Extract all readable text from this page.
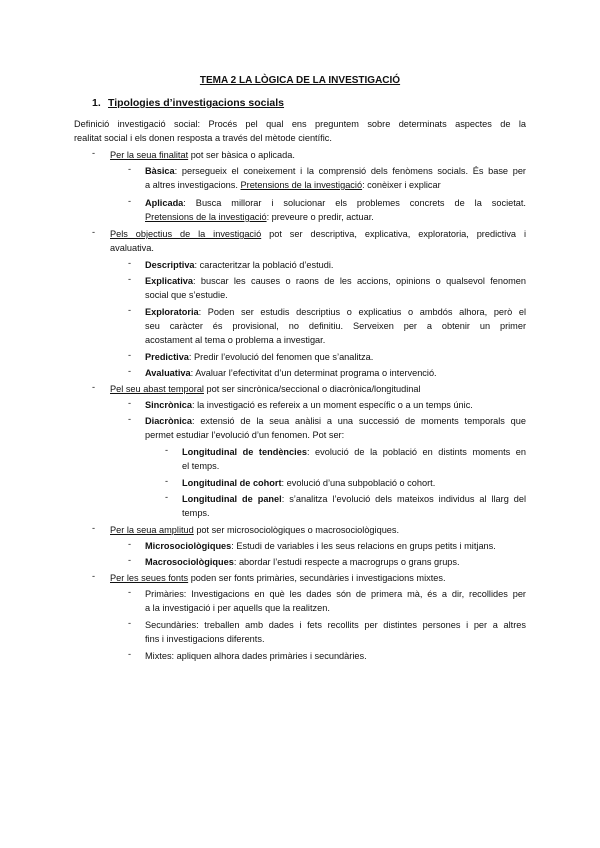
TEMA 2 LA LÒGICA DE LA INVESTIGACIÓ
1. Tipologies d’investigacions socials
Definició investigació social: Procés pel qual ens preguntem sobre determinats aspectes de la
realitat social i els donen resposta a través del mètode científic.
- Per la seua finalitat pot ser bàsica o aplicada.
- Bàsica: persegueix el coneixement i la comprensió dels fenòmens socials. És base per
a altres investigacions. Pretensions de la investigació: conèixer i explicar
- Aplicada: Busca millorar i solucionar els problemes concrets de la societat.
Pretensions de la investigació: preveure o predir, actuar.
- Pels objectius de la investigació pot ser descriptiva, explicativa, exploratoria, predictiva i
avaluativa.
- Descriptiva: caracteritzar la població d’estudi.
- Explicativa: buscar les causes o raons de les accions, opinions o qualsevol fenomen
social que s’estudie.
- Exploratoria: Poden ser estudis descriptius o explicatius o ambdós alhora, però el
seu caràcter és provisional, no definitiu. Serveixen per a obtenir un primer
acostament al tema o problema a investigar.
- Predictiva: Predir l’evolució del fenomen que s’analitza.
- Avaluativa: Avaluar l’efectivitat d’un determinat programa o intervenció.
- Pel seu abast temporal pot ser sincrònica/seccional o diacrònica/longitudinal
- Sincrònica: la investigació es refereix a un moment específic o a un temps únic.
- Diacrònica: extensió de la seua anàlisi a una successió de moments temporals que
permet estudiar l’evolució d’un fenomen. Pot ser:
- Longitudinal de tendències: evolució de la població en distints moments en
el temps.
- Longitudinal de cohort: evolució d’una subpoblació o cohort.
- Longitudinal de panel: s’analitza l’evolució dels mateixos individus al llarg del
temps.
- Per la seua amplitud pot ser microsociològiques o macrosociològiques.
- Microsociològiques: Estudi de variables i les seus relacions en grups petits i mitjans.
- Macrosociològiques: abordar l’estudi respecte a macrogrups o grans grups.
- Per les seues fonts poden ser fonts primàries, secundàries i investigacions mixtes.
- Primàries: Investigacions en què les dades són de primera mà, és a dir, recollides per
a la investigació i per aquells que la realitzen.
- Secundàries: treballen amb dades i fets recollits per distintes persones i per a altres
fins i investigacions diferents.
- Mixtes: apliquen alhora dades primàries i secundàries.
